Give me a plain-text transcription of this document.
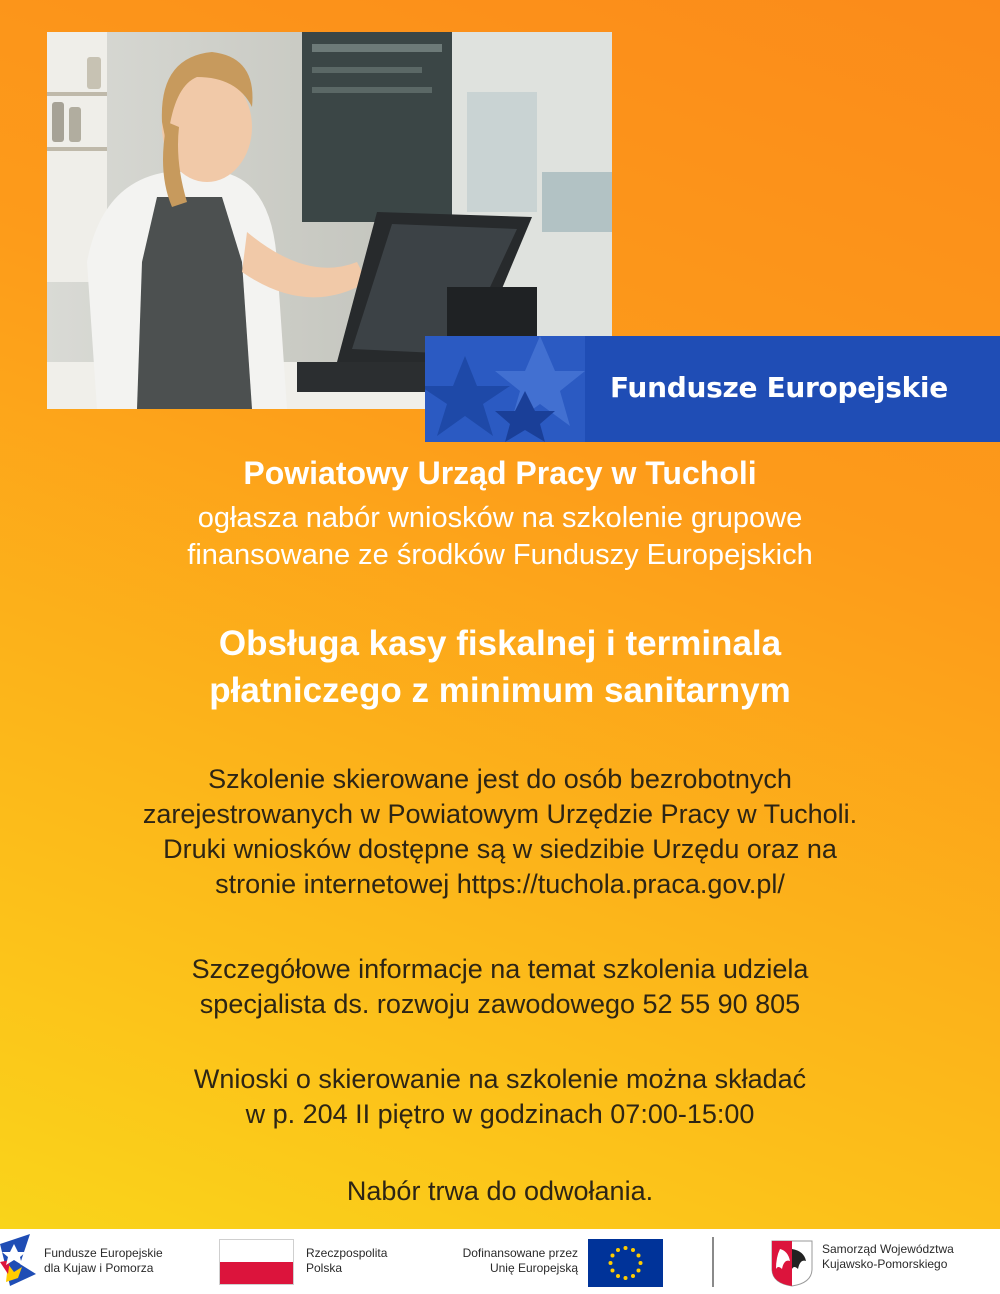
Fundusze Europejskie
Powiatowy Urząd Pracy w Tucholi
ogłasza nabór wniosków na szkolenie grupowe
finansowane ze środków Funduszy Europejskich
Obsługa kasy fiskalnej i terminala
płatniczego z minimum sanitarnym
Szkolenie skierowane jest do osób bezrobotnych
zarejestrowanych w Powiatowym Urzędzie Pracy w Tucholi.
Druki wniosków dostępne są w siedzibie Urzędu oraz na
stronie internetowej https://tuchola.praca.gov.pl/
Szczegółowe informacje na temat szkolenia udziela
specjalista ds. rozwoju zawodowego 52 55 90 805
Wnioski o skierowanie na szkolenie można składać
w p. 204 II piętro w godzinach 07:00-15:00
Nabór trwa do odwołania.
Fundusze Europejskie
dla Kujaw i Pomorza
Rzeczpospolita
Polska
Dofinansowane przez
Unię Europejską
Samorząd Województwa
Kujawsko-Pomorskiego
